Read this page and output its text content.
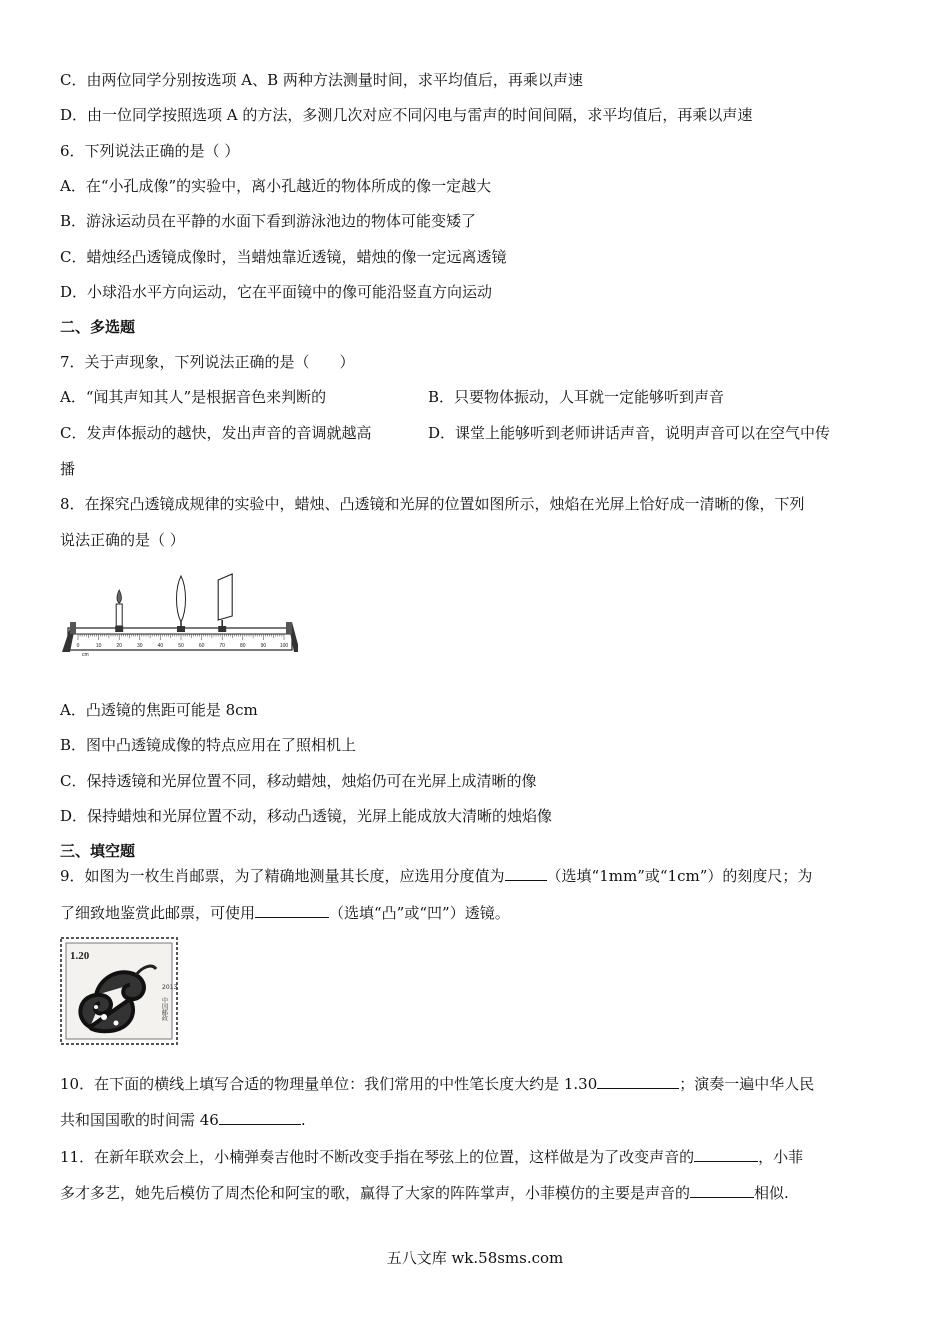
C．由两位同学分别按选项 A、B 两种方法测量时间，求平均值后，再乘以声速
D．由一位同学按照选项 A 的方法，多测几次对应不同闪电与雷声的时间间隔，求平均值后，再乘以声速
6．下列说法正确的是（ ）
A．在“小孔成像”的实验中，离小孔越近的物体所成的像一定越大
B．游泳运动员在平静的水面下看到游泳池边的物体可能变矮了
C．蜡烛经凸透镜成像时，当蜡烛靠近透镜，蜡烛的像一定远离透镜
D．小球沿水平方向运动，它在平面镜中的像可能沿竖直方向运动
二、多选题
7．关于声现象，下列说法正确的是（　　）
A．“闻其声知其人”是根据音色来判断的	B．只要物体振动，人耳就一定能够听到声音
C．发声体振动的越快，发出声音的音调就越高	D．课堂上能够听到老师讲话声音，说明声音可以在空气中传
播
8．在探究凸透镜成规律的实验中，蜡烛、凸透镜和光屏的位置如图所示，烛焰在光屏上恰好成一清晰的像，下列
说法正确的是（ ）
0	10	20	30	40	50	60	70	80	90	100
cm
A．凸透镜的焦距可能是 8cm
B．图中凸透镜成像的特点应用在了照相机上
C．保持透镜和光屏位置不同，移动蜡烛，烛焰仍可在光屏上成清晰的像
D．保持蜡烛和光屏位置不动，移动凸透镜，光屏上能成放大清晰的烛焰像
三、填空题
9．如图为一枚生肖邮票，为了精确地测量其长度，应选用分度值为	（选填“1mm”或“1cm”）的刻度尺；为
了细致地鉴赏此邮票，可使用	（选填“凸”或“凹”）透镜。
1.20
2013
中国邮政
10．在下面的横线上填写合适的物理量单位：我们常用的中性笔长度大约是 1.30	；演奏一遍中华人民
共和国国歌的时间需 46	.
11．在新年联欢会上，小楠弹奏吉他时不断改变手指在琴弦上的位置，这样做是为了改变声音的	，小菲
多才多艺，她先后模仿了周杰伦和阿宝的歌，赢得了大家的阵阵掌声，小菲模仿的主要是声音的	相似.
五八文库 wk.58sms.com
